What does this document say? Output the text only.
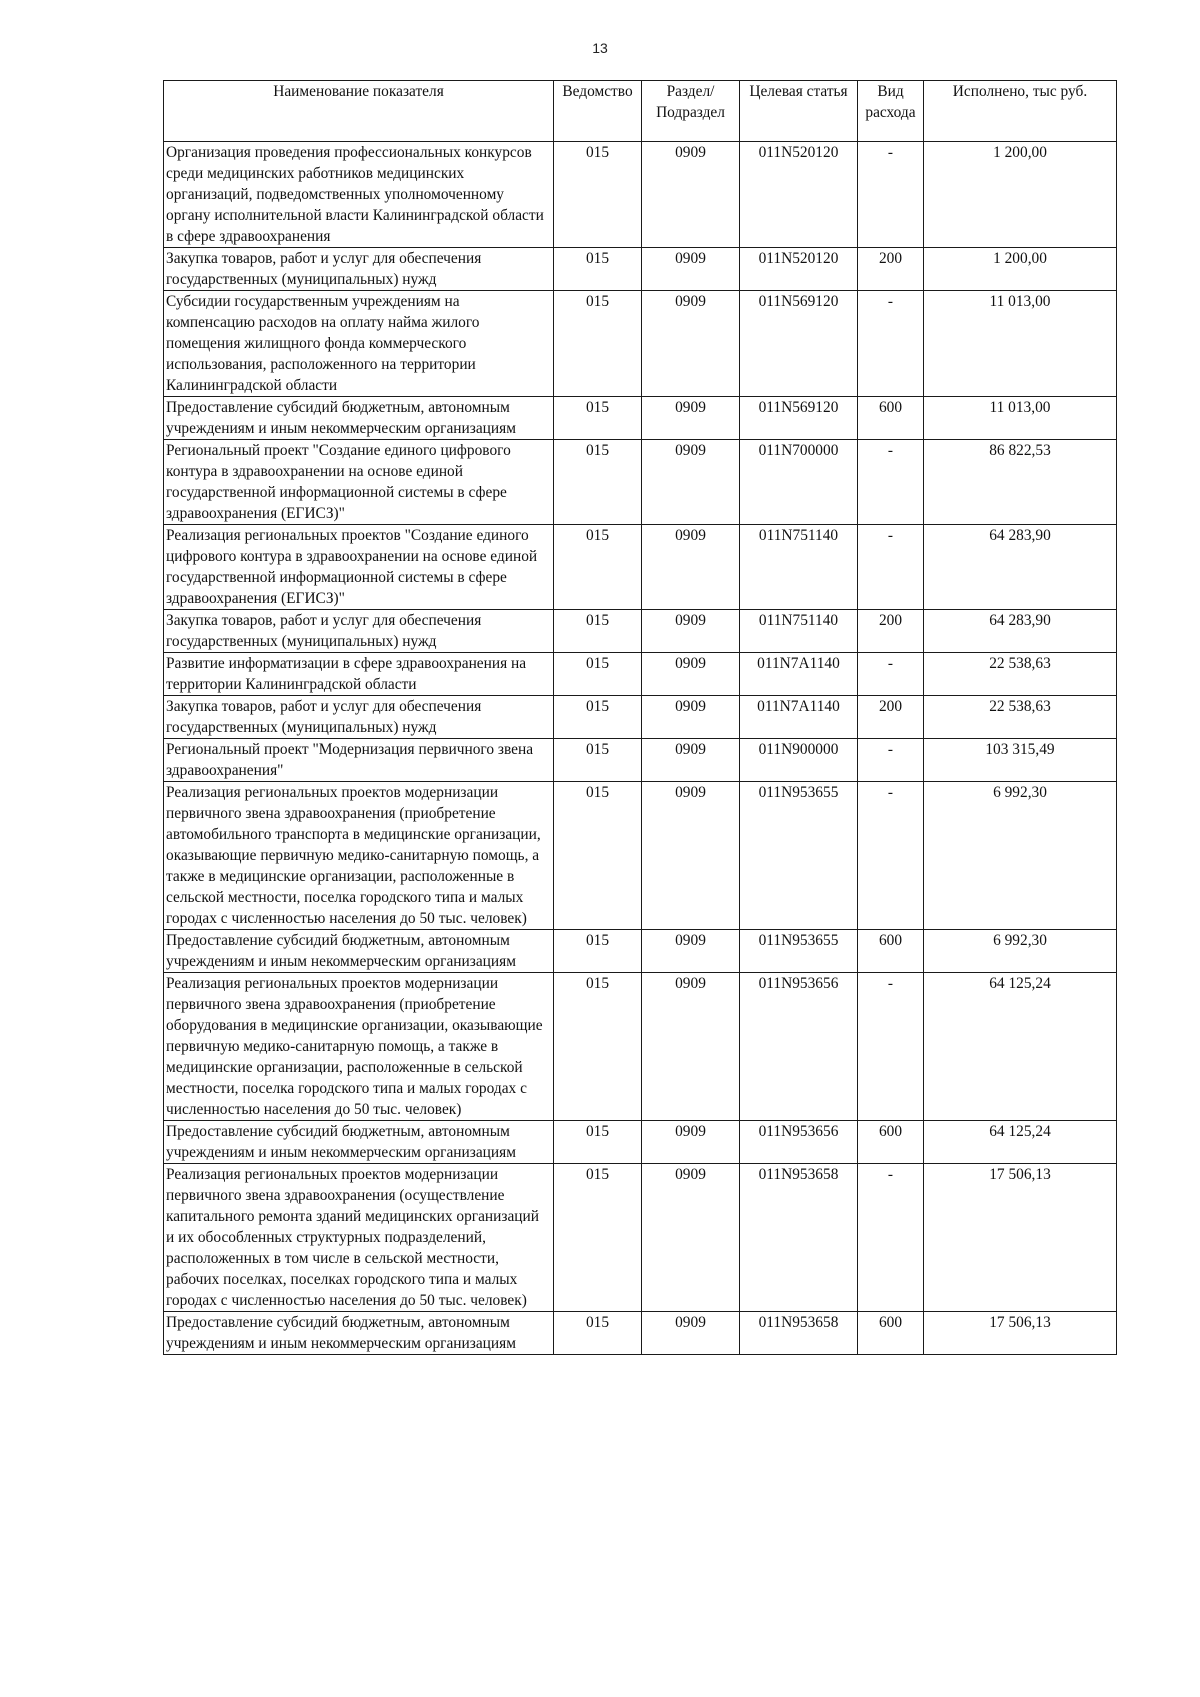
13
Наименование показателя	Ведомство	Раздел/ Подраздел	Целевая статья	Вид расхода	Исполнено, тыс руб.
Организация проведения профессиональных конкурсов среди медицинских работников медицинских организаций, подведомственных уполномоченному органу исполнительной власти Калининградской области в сфере здравоохранения	015	0909	011N520120	-	1 200,00
Закупка товаров, работ и услуг для обеспечения государственных (муниципальных) нужд	015	0909	011N520120	200	1 200,00
Субсидии государственным учреждениям на компенсацию расходов на оплату найма жилого помещения жилищного фонда коммерческого использования, расположенного на территории Калининградской области	015	0909	011N569120	-	11 013,00
Предоставление субсидий бюджетным, автономным учреждениям и иным некоммерческим организациям	015	0909	011N569120	600	11 013,00
Региональный проект "Создание единого цифрового контура в здравоохранении на основе единой государственной информационной системы в сфере здравоохранения (ЕГИСЗ)"	015	0909	011N700000	-	86 822,53
Реализация региональных проектов "Создание единого цифрового контура в здравоохранении на основе единой государственной информационной системы в сфере здравоохранения (ЕГИСЗ)"	015	0909	011N751140	-	64 283,90
Закупка товаров, работ и услуг для обеспечения государственных (муниципальных) нужд	015	0909	011N751140	200	64 283,90
Развитие информатизации в сфере здравоохранения на территории Калининградской области	015	0909	011N7A1140	-	22 538,63
Закупка товаров, работ и услуг для обеспечения государственных (муниципальных) нужд	015	0909	011N7A1140	200	22 538,63
Региональный проект "Модернизация первичного звена здравоохранения"	015	0909	011N900000	-	103 315,49
Реализация региональных проектов модернизации первичного звена здравоохранения (приобретение автомобильного транспорта в медицинские организации, оказывающие первичную медико-санитарную помощь, а также в медицинские организации, расположенные в сельской местности, поселка городского типа и малых городах с численностью населения до 50 тыс. человек)	015	0909	011N953655	-	6 992,30
Предоставление субсидий бюджетным, автономным учреждениям и иным некоммерческим организациям	015	0909	011N953655	600	6 992,30
Реализация региональных проектов модернизации первичного звена здравоохранения (приобретение оборудования в медицинские организации, оказывающие первичную медико-санитарную помощь, а также в медицинские организации, расположенные в сельской местности, поселка городского типа и малых городах с численностью населения до 50 тыс. человек)	015	0909	011N953656	-	64 125,24
Предоставление субсидий бюджетным, автономным учреждениям и иным некоммерческим организациям	015	0909	011N953656	600	64 125,24
Реализация региональных проектов модернизации первичного звена здравоохранения (осуществление капитального ремонта зданий медицинских организаций и их обособленных структурных подразделений, расположенных в том числе в сельской местности, рабочих поселках, поселках городского типа и малых городах с численностью населения до 50 тыс. человек)	015	0909	011N953658	-	17 506,13
Предоставление субсидий бюджетным, автономным учреждениям и иным некоммерческим организациям	015	0909	011N953658	600	17 506,13
